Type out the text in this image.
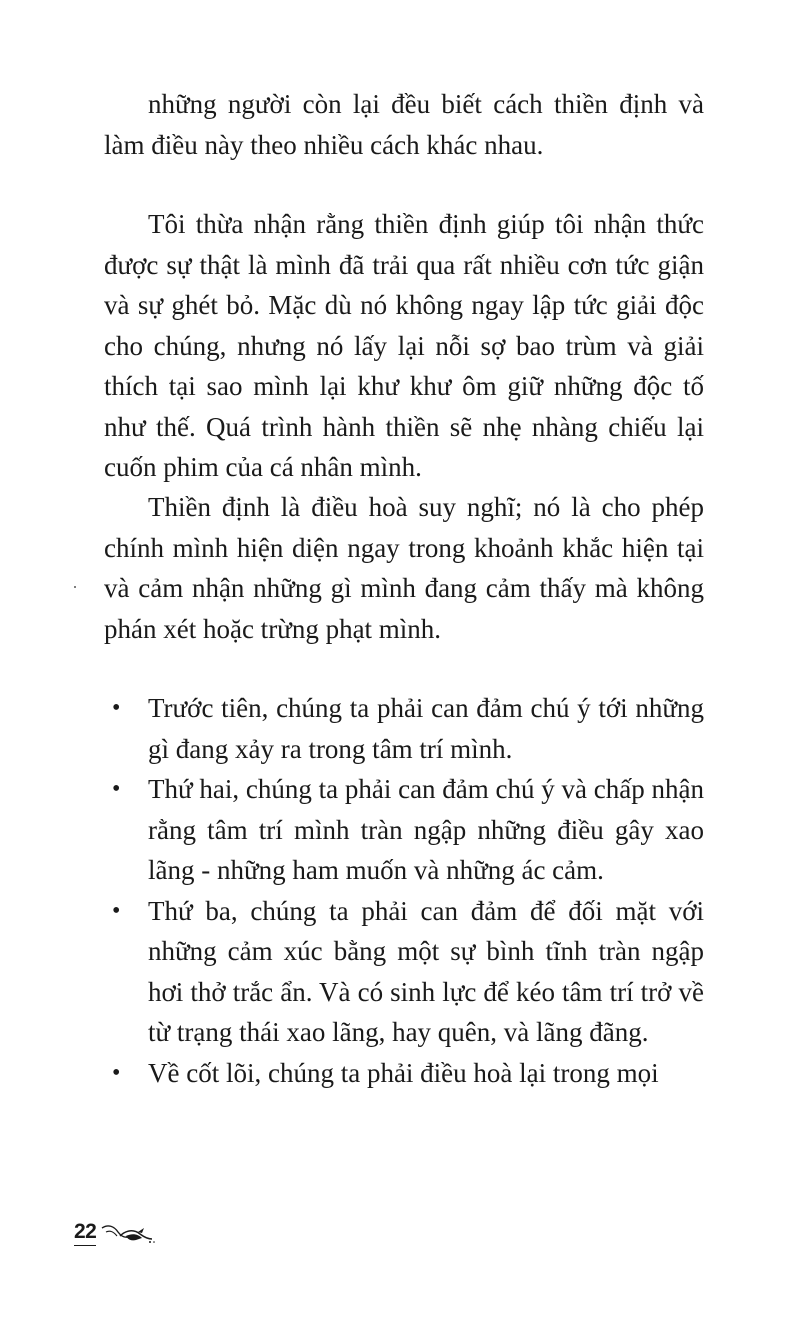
những người còn lại đều biết cách thiền định và làm điều này theo nhiều cách khác nhau.

Tôi thừa nhận rằng thiền định giúp tôi nhận thức được sự thật là mình đã trải qua rất nhiều cơn tức giận và sự ghét bỏ. Mặc dù nó không ngay lập tức giải độc cho chúng, nhưng nó lấy lại nỗi sợ bao trùm và giải thích tại sao mình lại khư khư ôm giữ những độc tố như thế. Quá trình hành thiền sẽ nhẹ nhàng chiếu lại cuốn phim của cá nhân mình.

Thiền định là điều hoà suy nghĩ; nó là cho phép chính mình hiện diện ngay trong khoảnh khắc hiện tại và cảm nhận những gì mình đang cảm thấy mà không phán xét hoặc trừng phạt mình.

• Trước tiên, chúng ta phải can đảm chú ý tới những gì đang xảy ra trong tâm trí mình.
• Thứ hai, chúng ta phải can đảm chú ý và chấp nhận rằng tâm trí mình tràn ngập những điều gây xao lãng - những ham muốn và những ác cảm.
• Thứ ba, chúng ta phải can đảm để đối mặt với những cảm xúc bằng một sự bình tĩnh tràn ngập hơi thở trắc ẩn. Và có sinh lực để kéo tâm trí trở về từ trạng thái xao lãng, hay quên, và lãng đãng.
• Về cốt lõi, chúng ta phải điều hoà lại trong mọi
22
